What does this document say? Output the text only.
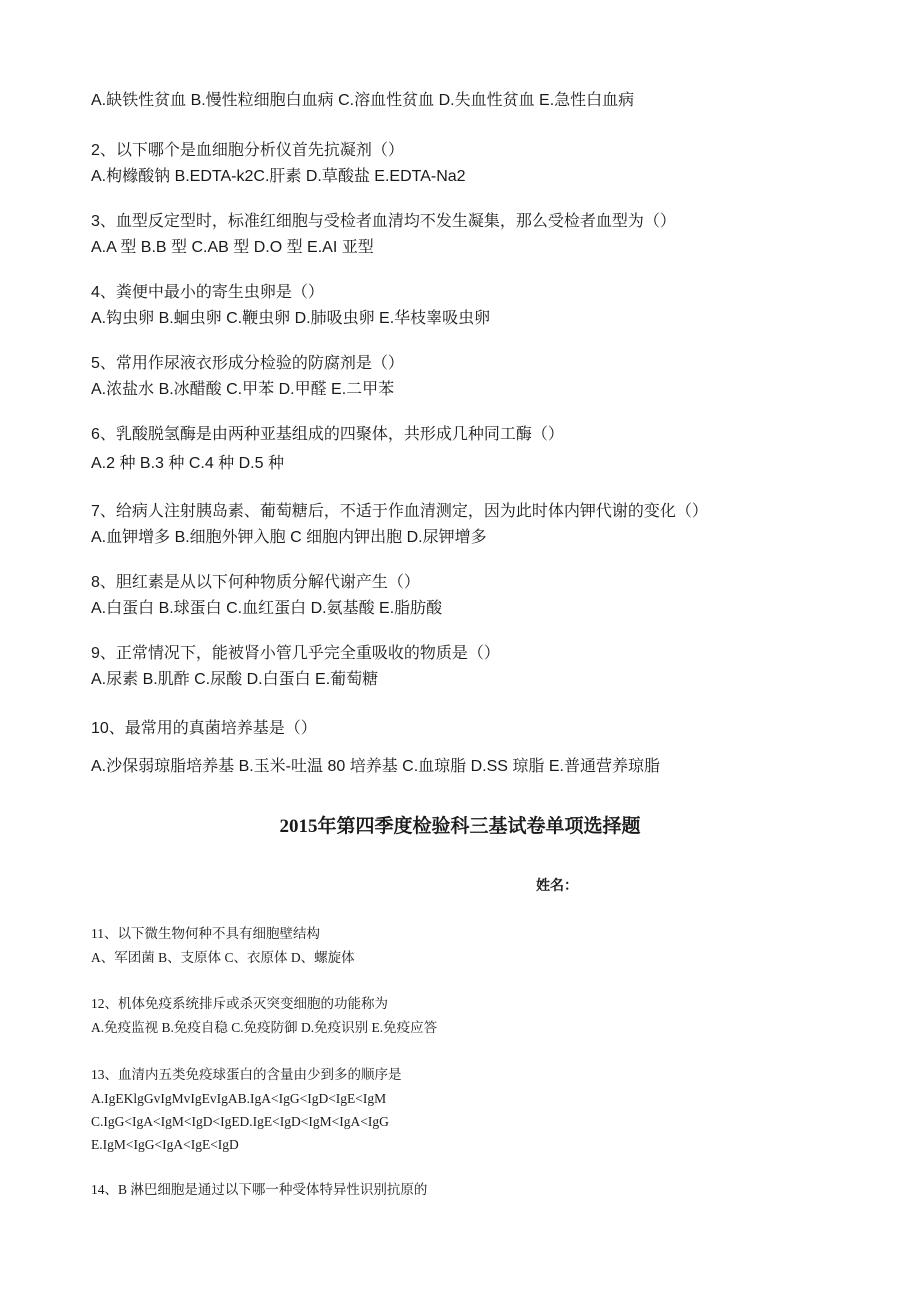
A.缺铁性贫血 B.慢性粒细胞白血病 C.溶血性贫血 D.失血性贫血 E.急性白血病
2、以下哪个是血细胞分析仪首先抗凝剂（）
A.枸橼酸钠 B.EDTA-k2C.肝素 D.草酸盐 E.EDTA-Na2
3、血型反定型时，标准红细胞与受检者血清均不发生凝集，那么受检者血型为（）
A.A 型 B.B 型 C.AB 型 D.O 型 E.AI 亚型
4、粪便中最小的寄生虫卵是（）
A.钩虫卵 B.蛔虫卵 C.鞭虫卵 D.肺吸虫卵 E.华枝睾吸虫卵
5、常用作尿液衣形成分检验的防腐剂是（）
A.浓盐水 B.冰醋酸 C.甲苯 D.甲醛 E.二甲苯
6、乳酸脱氢酶是由两种亚基组成的四聚体，共形成几种同工酶（）
A.2 种 B.3 种 C.4 种 D.5 种
7、给病人注射胰岛素、葡萄糖后，不适于作血清测定，因为此时体内钾代谢的变化（）
A.血钾增多 B.细胞外钾入胞 C 细胞内钾出胞 D.尿钾增多
8、胆红素是从以下何种物质分解代谢产生（）
A.白蛋白 B.球蛋白 C.血红蛋白 D.氨基酸 E.脂肪酸
9、正常情况下，能被肾小管几乎完全重吸收的物质是（）
A.尿素 B.肌酢 C.尿酸 D.白蛋白 E.葡萄糖
10、最常用的真菌培养基是（）
A.沙保弱琼脂培养基 B.玉米-吐温 80 培养基 C.血琼脂 D.SS 琼脂 E.普通营养琼脂
2015年第四季度检验科三基试卷单项选择题
姓名：
11、以下微生物何种不具有细胞壁结构
A、军团菌 B、支原体 C、衣原体 D、螺旋体
12、机体免疫系统排斥或杀灭突变细胞的功能称为
A.免疫监视 B.免疫自稳 C.免疫防御 D.免疫识别 E.免疫应答
13、血清内五类免疫球蛋白的含量由少到多的顺序是
A.IgEKlgGvIgMvIgEvIgAB.IgA<IgG<IgD<IgE<IgM
C.IgG<IgA<IgM<IgD<IgED.IgE<IgD<IgM<IgA<IgG
E.IgM<IgG<IgA<IgE<IgD
14、B 淋巴细胞是通过以下哪一种受体特异性识别抗原的
